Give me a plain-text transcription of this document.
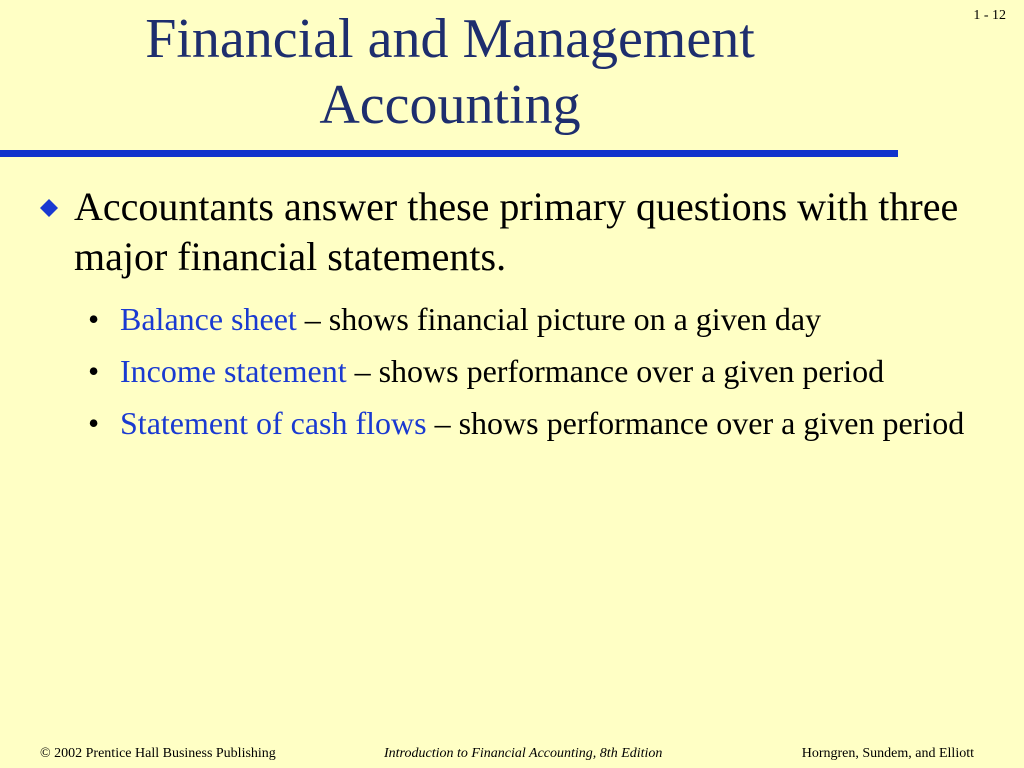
Financial and Management Accounting
1 - 12
Accountants answer these primary questions with three major financial statements.
• Balance sheet – shows financial picture on a given day
• Income statement – shows performance over a given period
• Statement of cash flows – shows performance over a given period
© 2002 Prentice Hall Business Publishing	Introduction to Financial Accounting, 8th Edition	Horngren, Sundem, and Elliott
